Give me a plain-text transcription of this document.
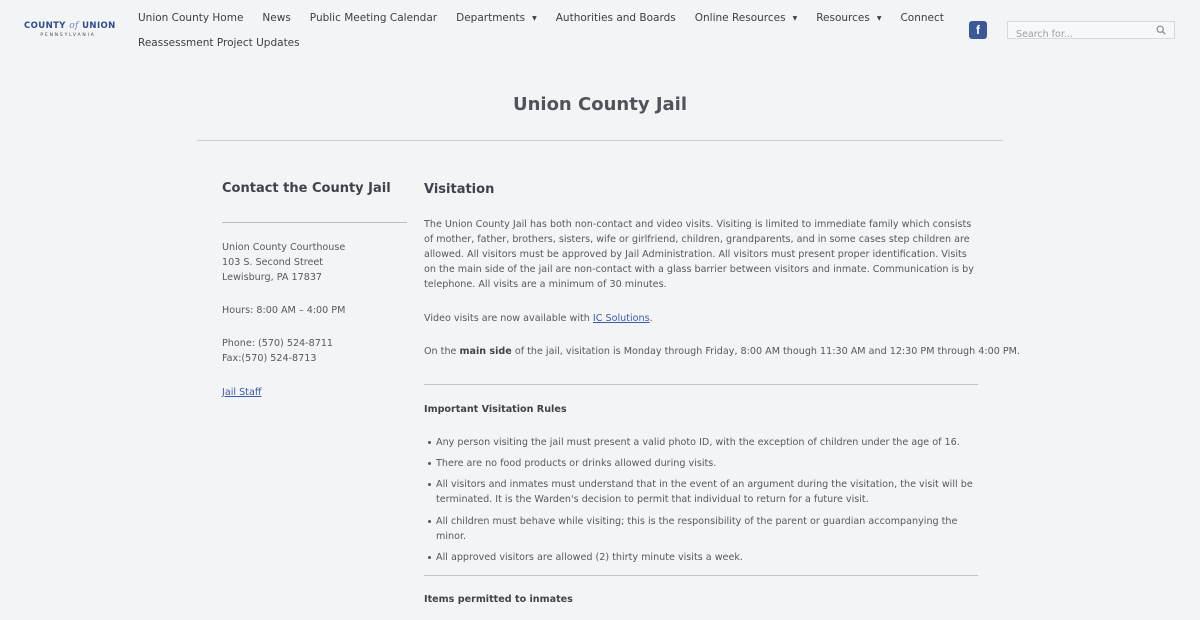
COUNTY of UNION
PENNSYLVANIA
Union County Home News Public Meeting Calendar Departments ▼ Authorities and Boards Online Resources ▼ Resources ▼ Connect
Reassessment Project Updates
f
Search for...
Union County Jail
Contact the County Jail
Union County Courthouse
103 S. Second Street
Lewisburg, PA 17837
Hours: 8:00 AM – 4:00 PM
Phone: (570) 524-8711
Fax:(570) 524-8713
Jail Staff
Visitation

The Union County Jail has both non-contact and video visits. Visiting is limited to immediate family which consists of mother, father, brothers, sisters, wife or girlfriend, children, grandparents, and in some cases step children are allowed. All visitors must be approved by Jail Administration. All visitors must present proper identification. Visits on the main side of the jail are non-contact with a glass barrier between visitors and inmate. Communication is by telephone. All visits are a minimum of 30 minutes.

Video visits are now available with IC Solutions.

On the main side of the jail, visitation is Monday through Friday, 8:00 AM though 11:30 AM and 12:30 PM through 4:00 PM.

Important Visitation Rules
Any person visiting the jail must present a valid photo ID, with the exception of children under the age of 16.
There are no food products or drinks allowed during visits.
All visitors and inmates must understand that in the event of an argument during the visitation, the visit will be terminated. It is the Warden's decision to permit that individual to return for a future visit.
All children must behave while visiting; this is the responsibility of the parent or guardian accompanying the minor.
All approved visitors are allowed (2) thirty minute visits a week.
Items permitted to inmates
